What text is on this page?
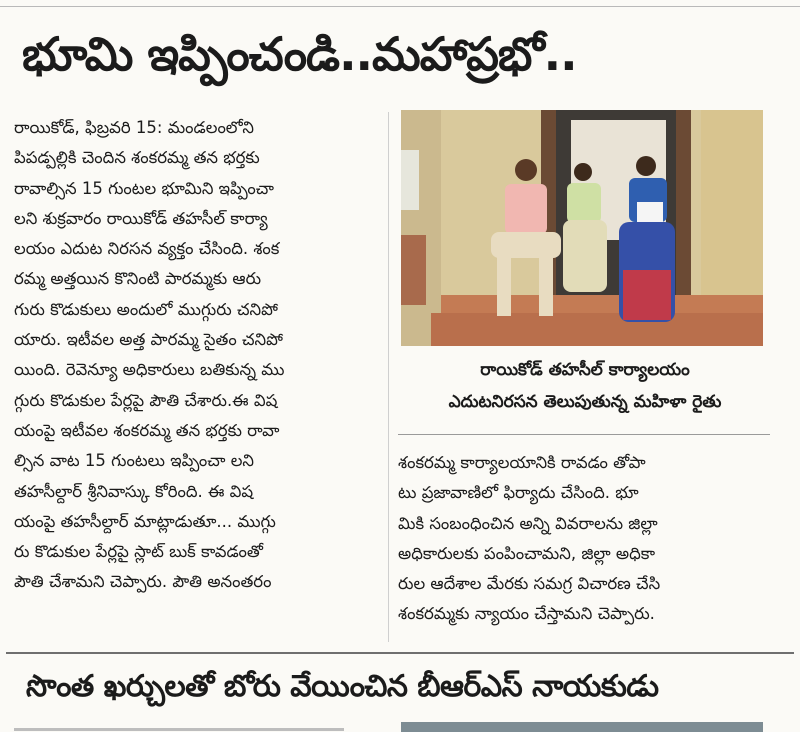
భూమి ఇప్పించండి..మహాప్రభో..
రాయికోడ్, ఫిబ్రవరి 15: మండలంలోని
పిపడ్పల్లికి చెందిన శంకరమ్మ తన భర్తకు
రావాల్సిన 15 గుంటల భూమిని ఇప్పించా
లని శుక్రవారం రాయికోడ్ తహసీల్ కార్యా
లయం ఎదుట నిరసన వ్యక్తం చేసింది. శంక
రమ్మ అత్తయిన కొనింటి పారమ్మకు ఆరు
గురు కొడుకులు అందులో ముగ్గురు చనిపో
యారు. ఇటీవల అత్త పారమ్మ సైతం చనిపో
యింది. రెవెన్యూ అధికారులు బతికున్న ము
గ్గురు కొడుకుల పేర్లపై పౌతి చేశారు.ఈ విష
యంపై ఇటీవల శంకరమ్మ తన భర్తకు రావా
ల్సిన వాట 15 గుంటలు ఇప్పించా లని
తహసీల్దార్ శ్రీనివాస్కు కోరింది. ఈ విష
యంపై తహసీల్దార్ మాట్లాడుతూ... ముగ్గు
రు కొడుకుల పేర్లపై స్లాట్ బుక్ కావడంతో
పౌతి చేశామని చెప్పారు. పౌతి అనంతరం
రాయికోడ్ తహసీల్ కార్యాలయం
ఎదుటనిరసన తెలుపుతున్న మహిళా రైతు
శంకరమ్మ కార్యాలయానికి రావడం తోపా
టు ప్రజావాణిలో ఫిర్యాదు చేసింది. భూ
మికి సంబంధించిన అన్ని వివరాలను జిల్లా
అధికారులకు పంపించామని, జిల్లా అధికా
రుల ఆదేశాల మేరకు సమగ్ర విచారణ చేసి
శంకరమ్మకు న్యాయం చేస్తామని చెప్పారు.
సొంత ఖర్చులతో బోరు వేయించిన బీఆర్ఎస్ నాయకుడు
